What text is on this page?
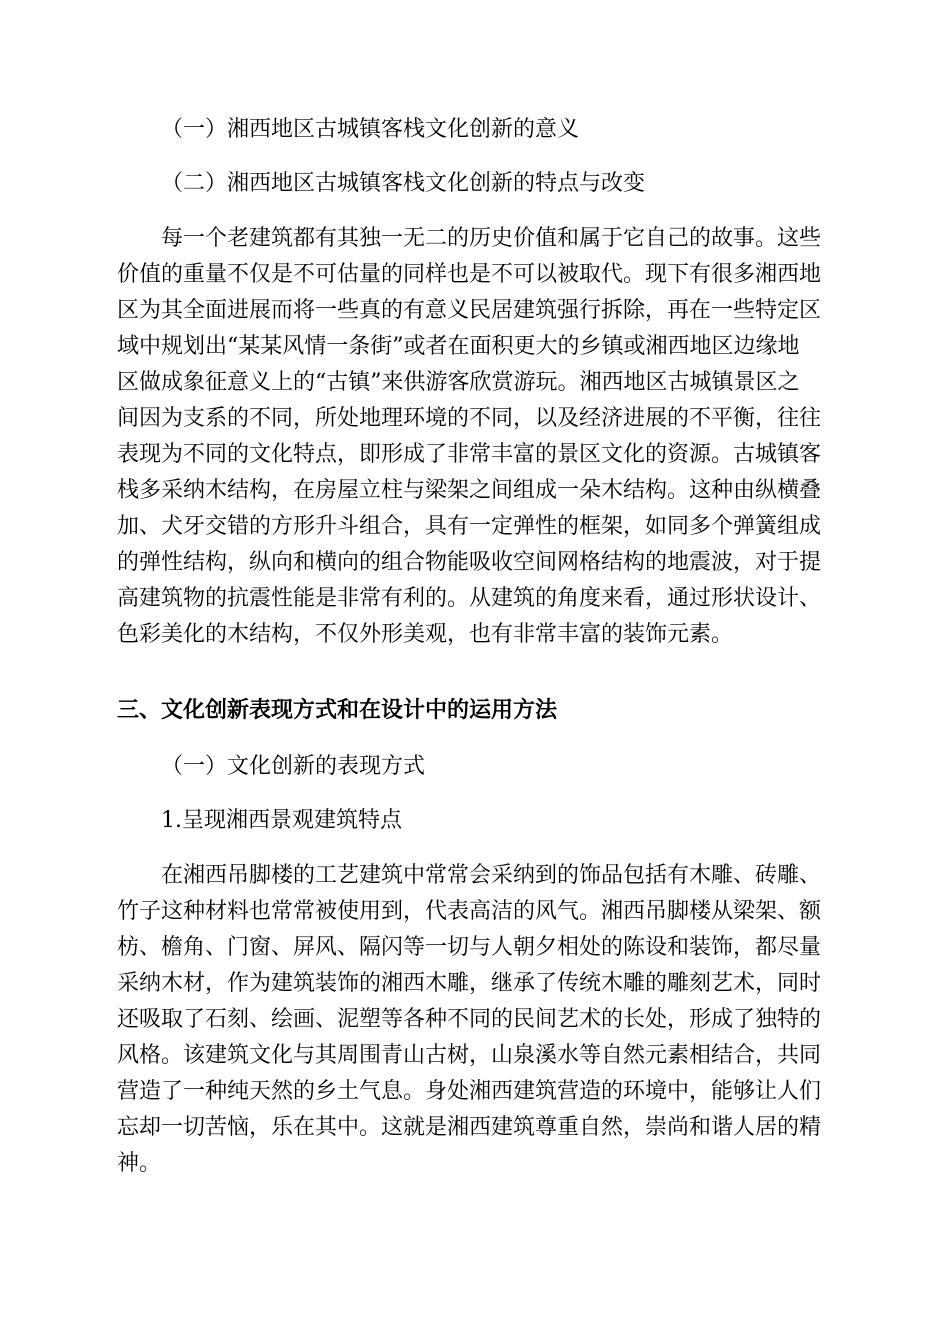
（一）湘西地区古城镇客栈文化创新的意义
（二）湘西地区古城镇客栈文化创新的特点与改变
每一个老建筑都有其独一无二的历史价值和属于它自己的故事。这些
价值的重量不仅是不可估量的同样也是不可以被取代。现下有很多湘西地
区为其全面进展而将一些真的有意义民居建筑强行拆除，再在一些特定区
域中规划出“某某风情一条街”或者在面积更大的乡镇或湘西地区边缘地
区做成象征意义上的“古镇”来供游客欣赏游玩。湘西地区古城镇景区之
间因为支系的不同，所处地理环境的不同，以及经济进展的不平衡，往往
表现为不同的文化特点，即形成了非常丰富的景区文化的资源。古城镇客
栈多采纳木结构，在房屋立柱与梁架之间组成一朵木结构。这种由纵横叠
加、犬牙交错的方形升斗组合，具有一定弹性的框架，如同多个弹簧组成
的弹性结构，纵向和横向的组合物能吸收空间网格结构的地震波，对于提
高建筑物的抗震性能是非常有利的。从建筑的角度来看，通过形状设计、
色彩美化的木结构，不仅外形美观，也有非常丰富的装饰元素。
三、文化创新表现方式和在设计中的运用方法
（一）文化创新的表现方式
1.呈现湘西景观建筑特点
在湘西吊脚楼的工艺建筑中常常会采纳到的饰品包括有木雕、砖雕、
竹子这种材料也常常被使用到，代表高洁的风气。湘西吊脚楼从梁架、额
枋、檐角、门窗、屏风、隔闪等一切与人朝夕相处的陈设和装饰，都尽量
采纳木材，作为建筑装饰的湘西木雕，继承了传统木雕的雕刻艺术，同时
还吸取了石刻、绘画、泥塑等各种不同的民间艺术的长处，形成了独特的
风格。该建筑文化与其周围青山古树，山泉溪水等自然元素相结合，共同
营造了一种纯天然的乡土气息。身处湘西建筑营造的环境中，能够让人们
忘却一切苦恼，乐在其中。这就是湘西建筑尊重自然，崇尚和谐人居的精
神。
